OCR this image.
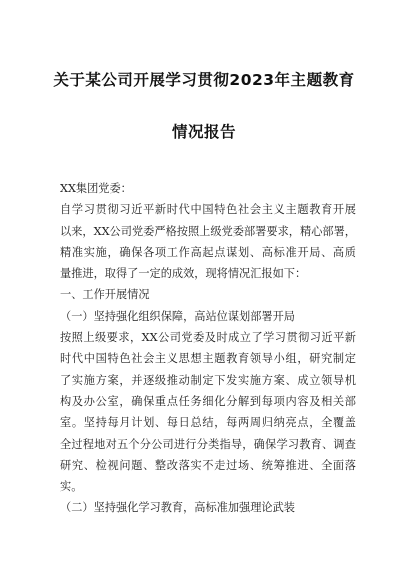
关于某公司开展学习贯彻2023年主题教育
情况报告
XX集团党委：
自学习贯彻习近平新时代中国特色社会主义主题教育开展
以来，XX公司党委严格按照上级党委部署要求，精心部署，
精准实施，确保各项工作高起点谋划、高标准开局、高质
量推进，取得了一定的成效，现将情况汇报如下：
一、工作开展情况
（一）坚持强化组织保障，高站位谋划部署开局
按照上级要求，XX公司党委及时成立了学习贯彻习近平新
时代中国特色社会主义思想主题教育领导小组，研究制定
了实施方案，并逐级推动制定下发实施方案、成立领导机
构及办公室，确保重点任务细化分解到每项内容及相关部
室。坚持每月计划、每日总结，每两周归纳亮点，全覆盖
全过程地对五个分公司进行分类指导，确保学习教育、调查
研究、检视问题、整改落实不走过场、统筹推进、全面落
实。
（二）坚持强化学习教育，高标准加强理论武装
